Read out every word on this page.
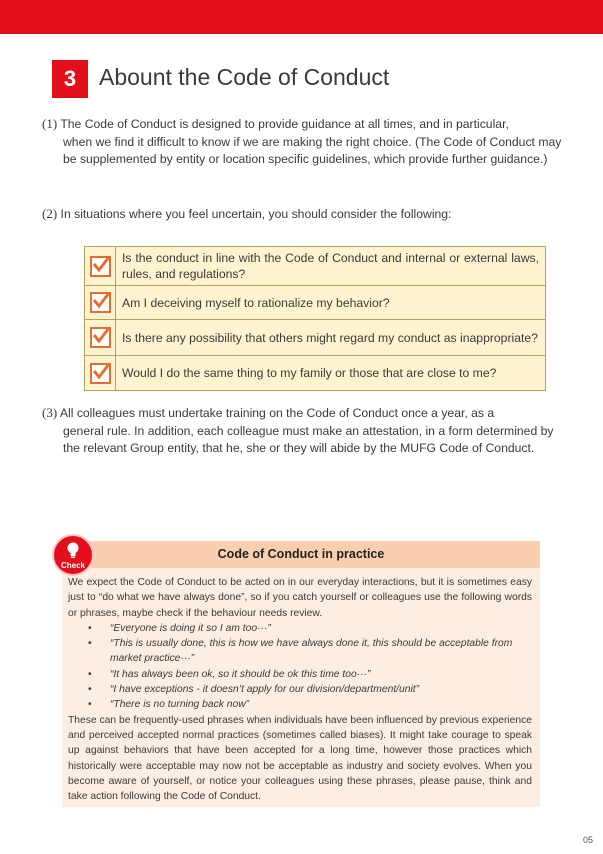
3 Abount the Code of Conduct
(1) The Code of Conduct is designed to provide guidance at all times, and in particular,
when we find it difficult to know if we are making the right choice. (The Code of Conduct may be supplemented by entity or location specific guidelines, which provide further guidance.)
(2) In situations where you feel uncertain, you should consider the following:
	Is the conduct in line with the Code of Conduct and internal or external laws, rules, and regulations?

	Am I deceiving myself to rationalize my behavior?

	Is there any possibility that others might regard my conduct as inappropriate?

	Would I do the same thing to my family or those that are close to me?
(3) All colleagues must undertake training on the Code of Conduct once a year, as a
general rule. In addition, each colleague must make an attestation, in a form determined by the relevant Group entity, that he, she or they will abide by the MUFG Code of Conduct.
Code of Conduct in practice
We expect the Code of Conduct to be acted on in our everyday interactions, but it is sometimes easy just to “do what we have always done”, so if you catch yourself or colleagues use the following words or phrases, maybe check if the behaviour needs review.
• “Everyone is doing it so I am too···”
• “This is usually done, this is how we have always done it, this should be acceptable from market practice···”
• “It has always been ok, so it should be ok this time too···”
• “I have exceptions - it doesn’t apply for our division/department/unit”
• “There is no turning back now”
These can be frequently-used phrases when individuals have been influenced by previous experience and perceived accepted normal practices (sometimes called biases). It might take courage to speak up against behaviors that have been accepted for a long time, however those practices which historically were acceptable may now not be acceptable as industry and society evolves. When you become aware of yourself, or notice your colleagues using these phrases, please pause, think and take action following the Code of Conduct.
Check
05
